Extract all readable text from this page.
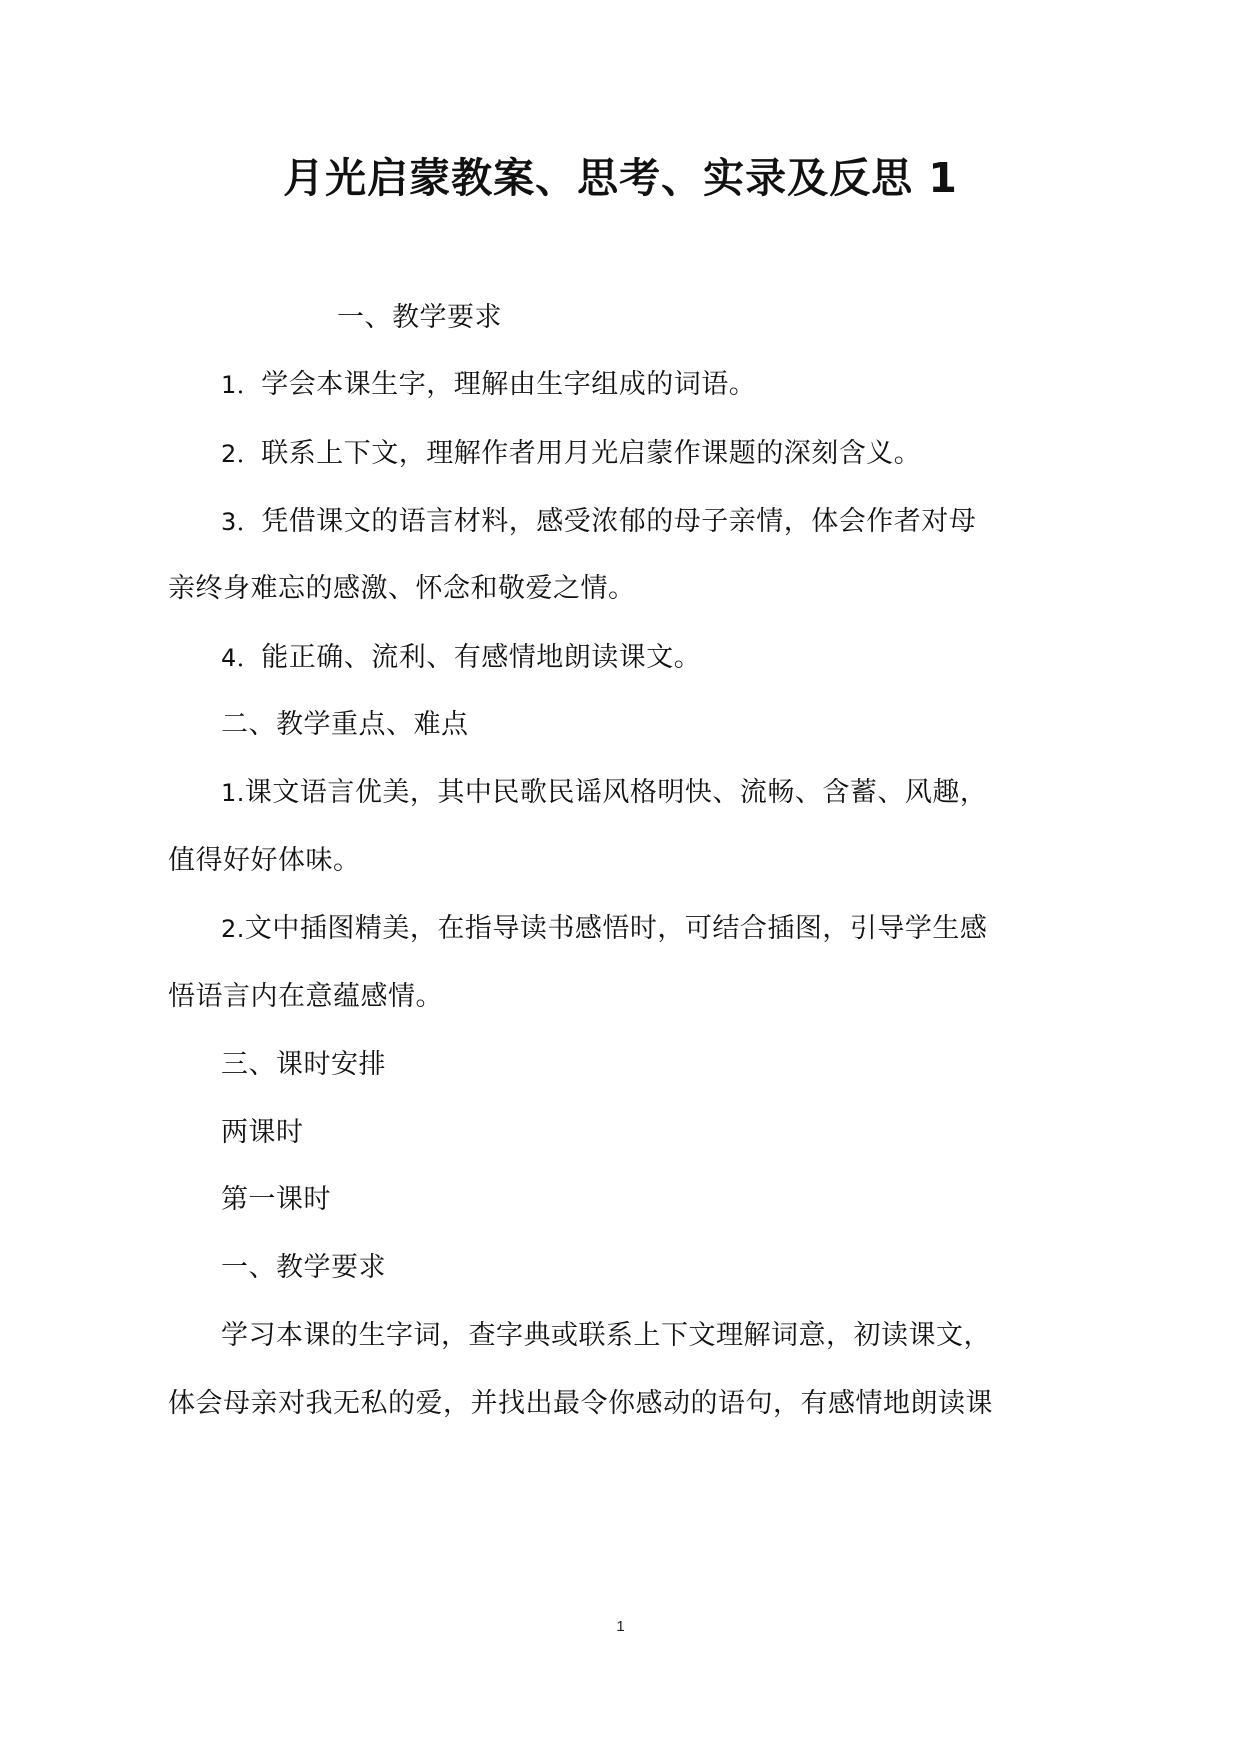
月光启蒙教案、思考、实录及反思 1
一、教学要求
1．学会本课生字，理解由生字组成的词语。
2．联系上下文，理解作者用月光启蒙作课题的深刻含义。
3．凭借课文的语言材料，感受浓郁的母子亲情，体会作者对母
亲终身难忘的感激、怀念和敬爱之情。
4．能正确、流利、有感情地朗读课文。
二、教学重点、难点
1.课文语言优美，其中民歌民谣风格明快、流畅、含蓄、风趣，
值得好好体味。
2.文中插图精美，在指导读书感悟时，可结合插图，引导学生感
悟语言内在意蕴感情。
三、课时安排
两课时
第一课时
一、教学要求
学习本课的生字词，查字典或联系上下文理解词意，初读课文，
体会母亲对我无私的爱，并找出最令你感动的语句，有感情地朗读课
1
